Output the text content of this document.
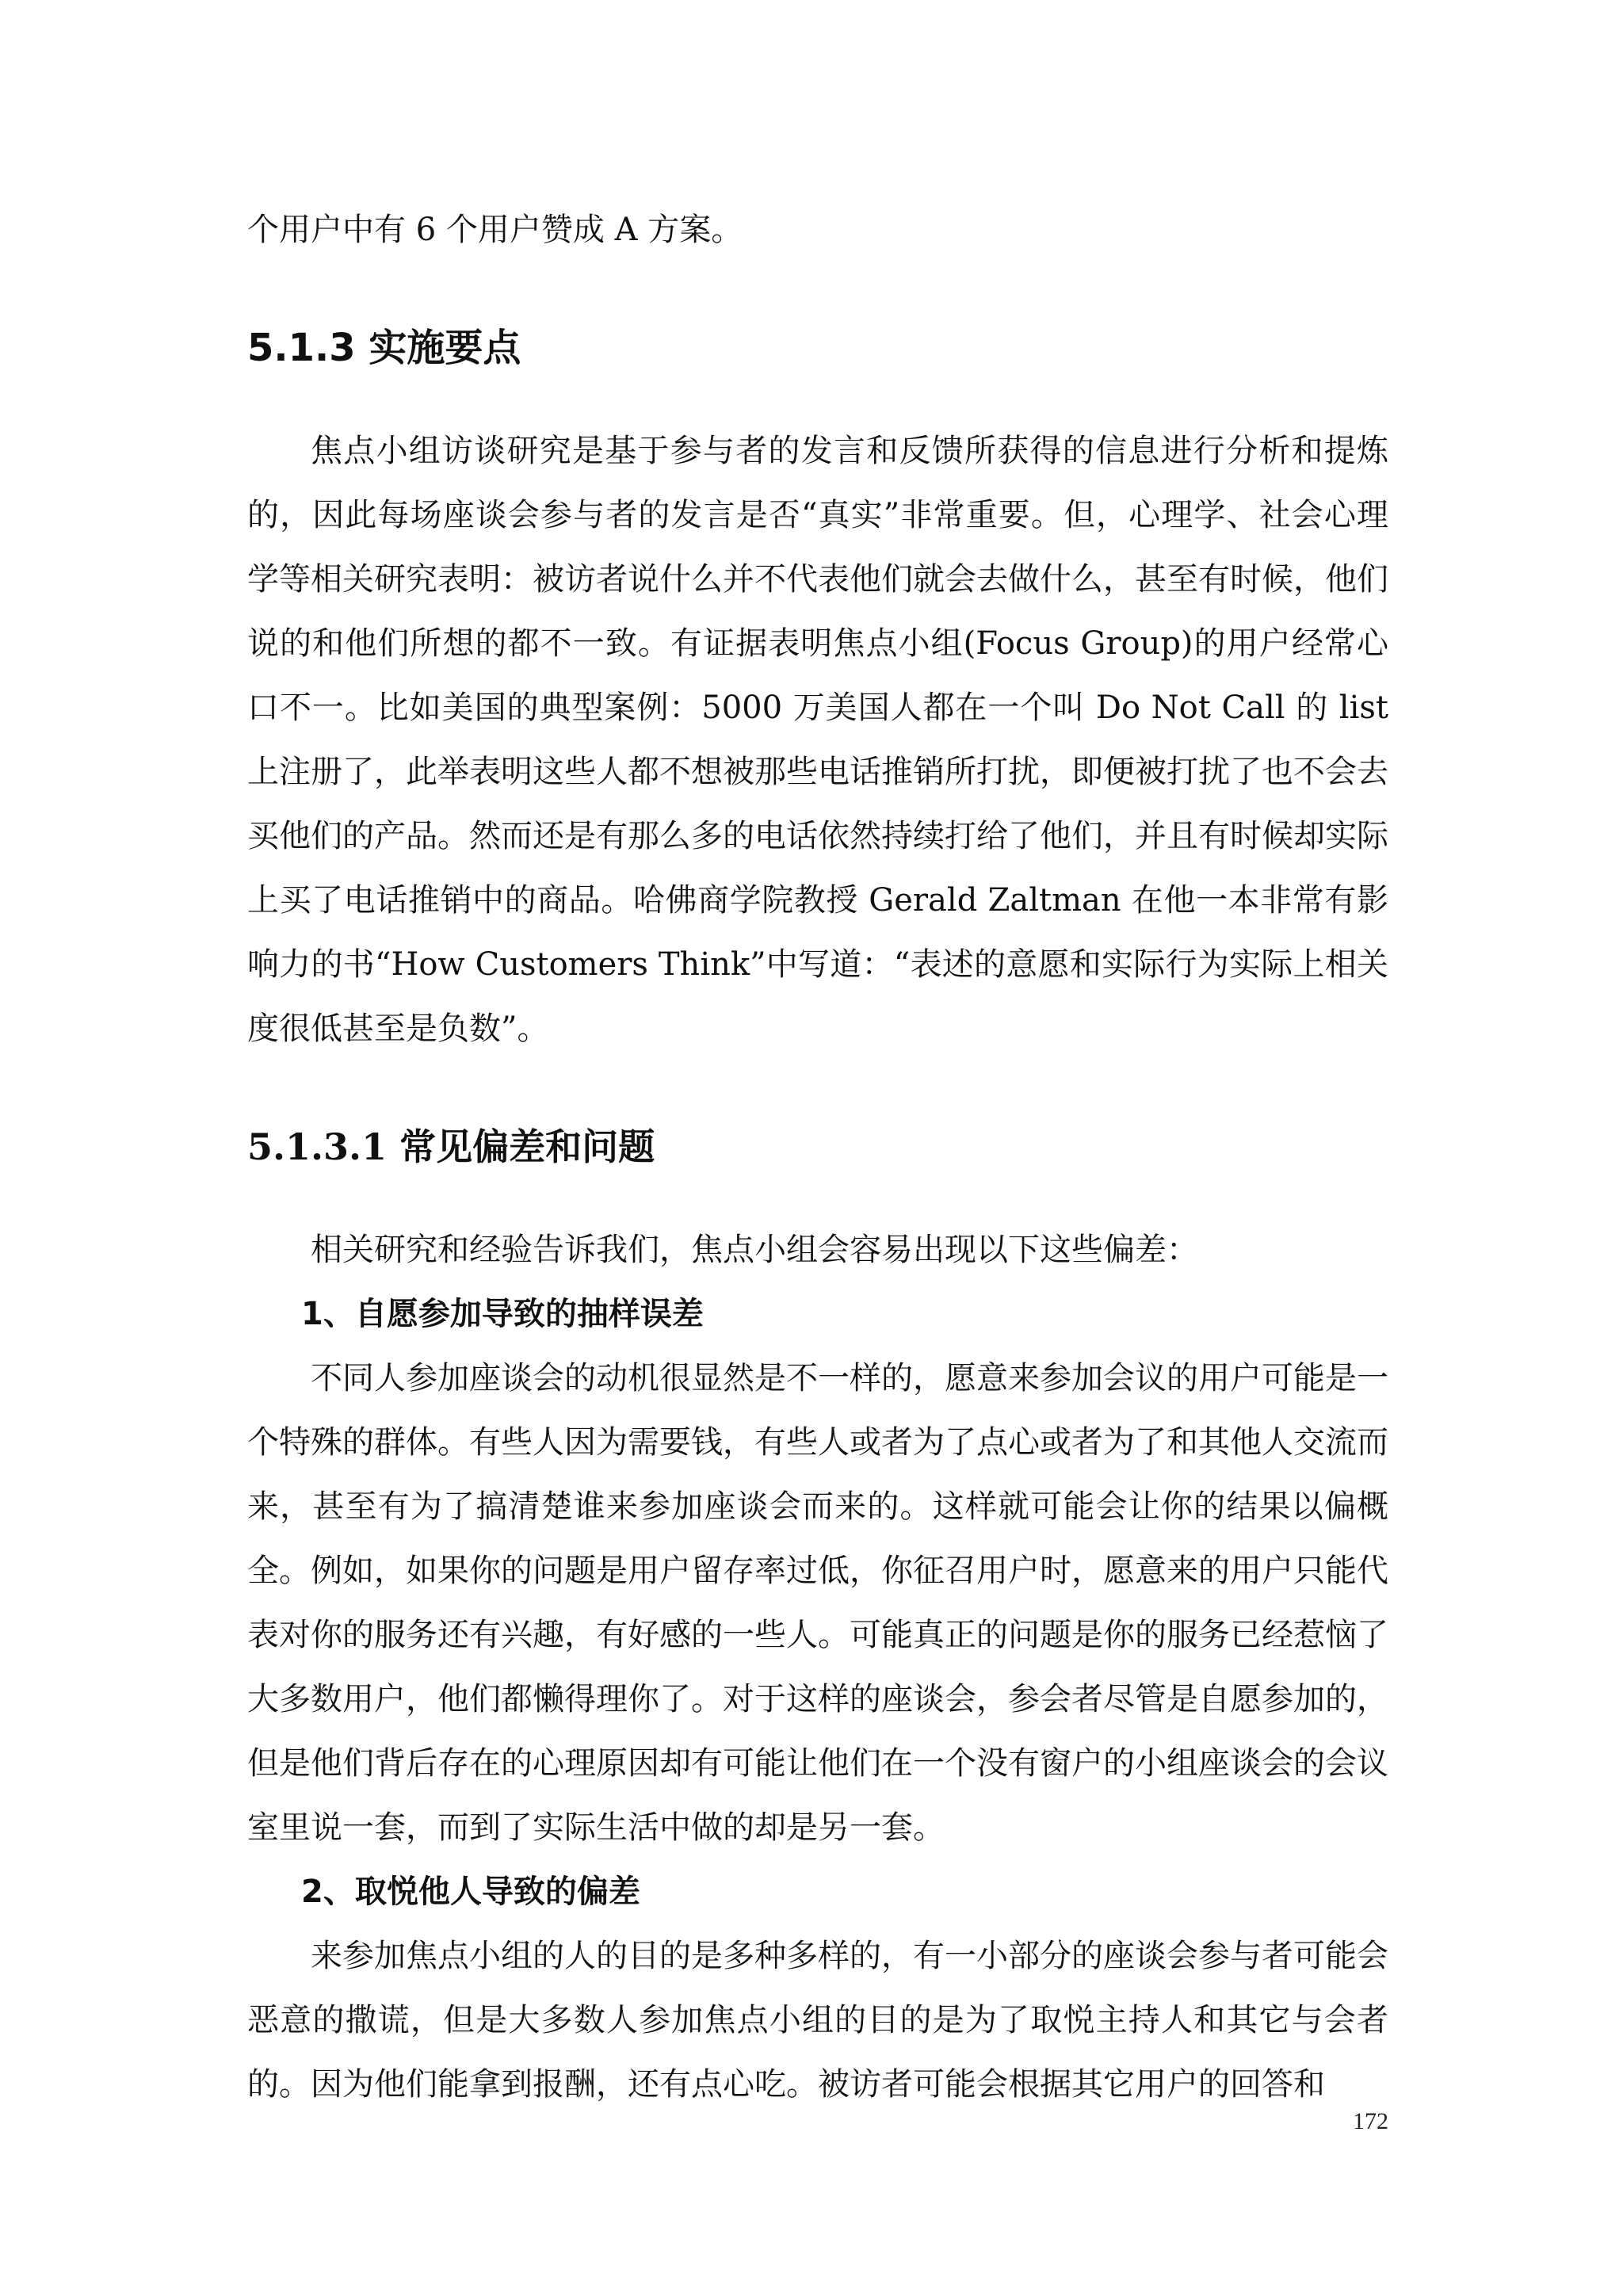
个用户中有 6 个用户赞成 A 方案。

5.1.3 实施要点

焦点小组访谈研究是基于参与者的发言和反馈所获得的信息进行分析和提炼的，因此每场座谈会参与者的发言是否“真实”非常重要。但，心理学、社会心理学等相关研究表明：被访者说什么并不代表他们就会去做什么，甚至有时候，他们说的和他们所想的都不一致。有证据表明焦点小组(Focus Group)的用户经常心口不一。比如美国的典型案例：5000 万美国人都在一个叫 Do Not Call 的 list 上注册了，此举表明这些人都不想被那些电话推销所打扰，即便被打扰了也不会去买他们的产品。然而还是有那么多的电话依然持续打给了他们，并且有时候却实际上买了电话推销中的商品。哈佛商学院教授 Gerald Zaltman 在他一本非常有影响力的书“How Customers Think”中写道：“表述的意愿和实际行为实际上相关度很低甚至是负数”。

5.1.3.1 常见偏差和问题

相关研究和经验告诉我们，焦点小组会容易出现以下这些偏差：

1、自愿参加导致的抽样误差

不同人参加座谈会的动机很显然是不一样的，愿意来参加会议的用户可能是一个特殊的群体。有些人因为需要钱，有些人或者为了点心或者为了和其他人交流而来，甚至有为了搞清楚谁来参加座谈会而来的。这样就可能会让你的结果以偏概全。例如，如果你的问题是用户留存率过低，你征召用户时，愿意来的用户只能代表对你的服务还有兴趣，有好感的一些人。可能真正的问题是你的服务已经惹恼了大多数用户，他们都懒得理你了。对于这样的座谈会，参会者尽管是自愿参加的，但是他们背后存在的心理原因却有可能让他们在一个没有窗户的小组座谈会的会议室里说一套，而到了实际生活中做的却是另一套。

2、取悦他人导致的偏差

来参加焦点小组的人的目的是多种多样的，有一小部分的座谈会参与者可能会恶意的撒谎，但是大多数人参加焦点小组的目的是为了取悦主持人和其它与会者的。因为他们能拿到报酬，还有点心吃。被访者可能会根据其它用户的回答和

172
